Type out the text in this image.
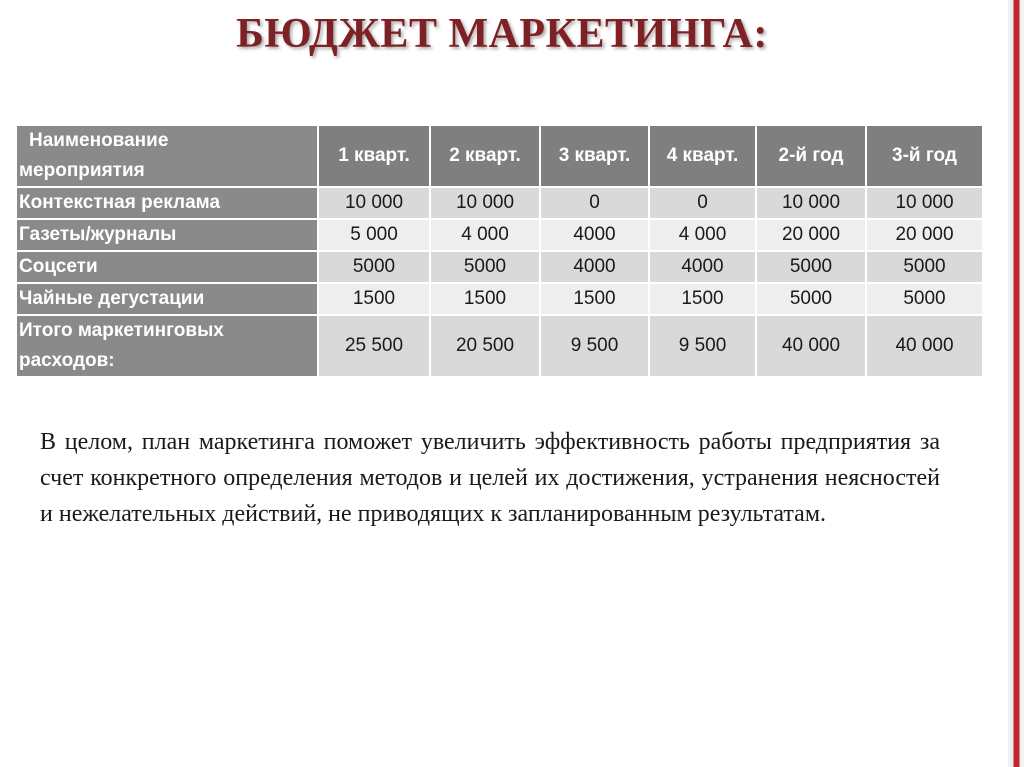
БЮДЖЕТ МАРКЕТИНГА:
Наименование
мероприятия	1 кварт.	2 кварт.	3 кварт.	4 кварт.	2-й год	3-й год
Контекстная реклама	10 000	10 000	0	0	10 000	10 000
Газеты/журналы	5 000	4 000	4000	4 000	20 000	20 000
Соцсети	5000	5000	4000	4000	5000	5000
Чайные дегустации	1500	1500	1500	1500	5000	5000

Итого маркетинговых
расходов:	25 500	20 500	9 500	9 500	40 000	40 000
В целом, план маркетинга поможет увеличить эффективность работы предприятия за счет конкретного определения методов и целей их достижения, устранения неясностей и нежелательных действий, не приводящих к запланированным результатам.
